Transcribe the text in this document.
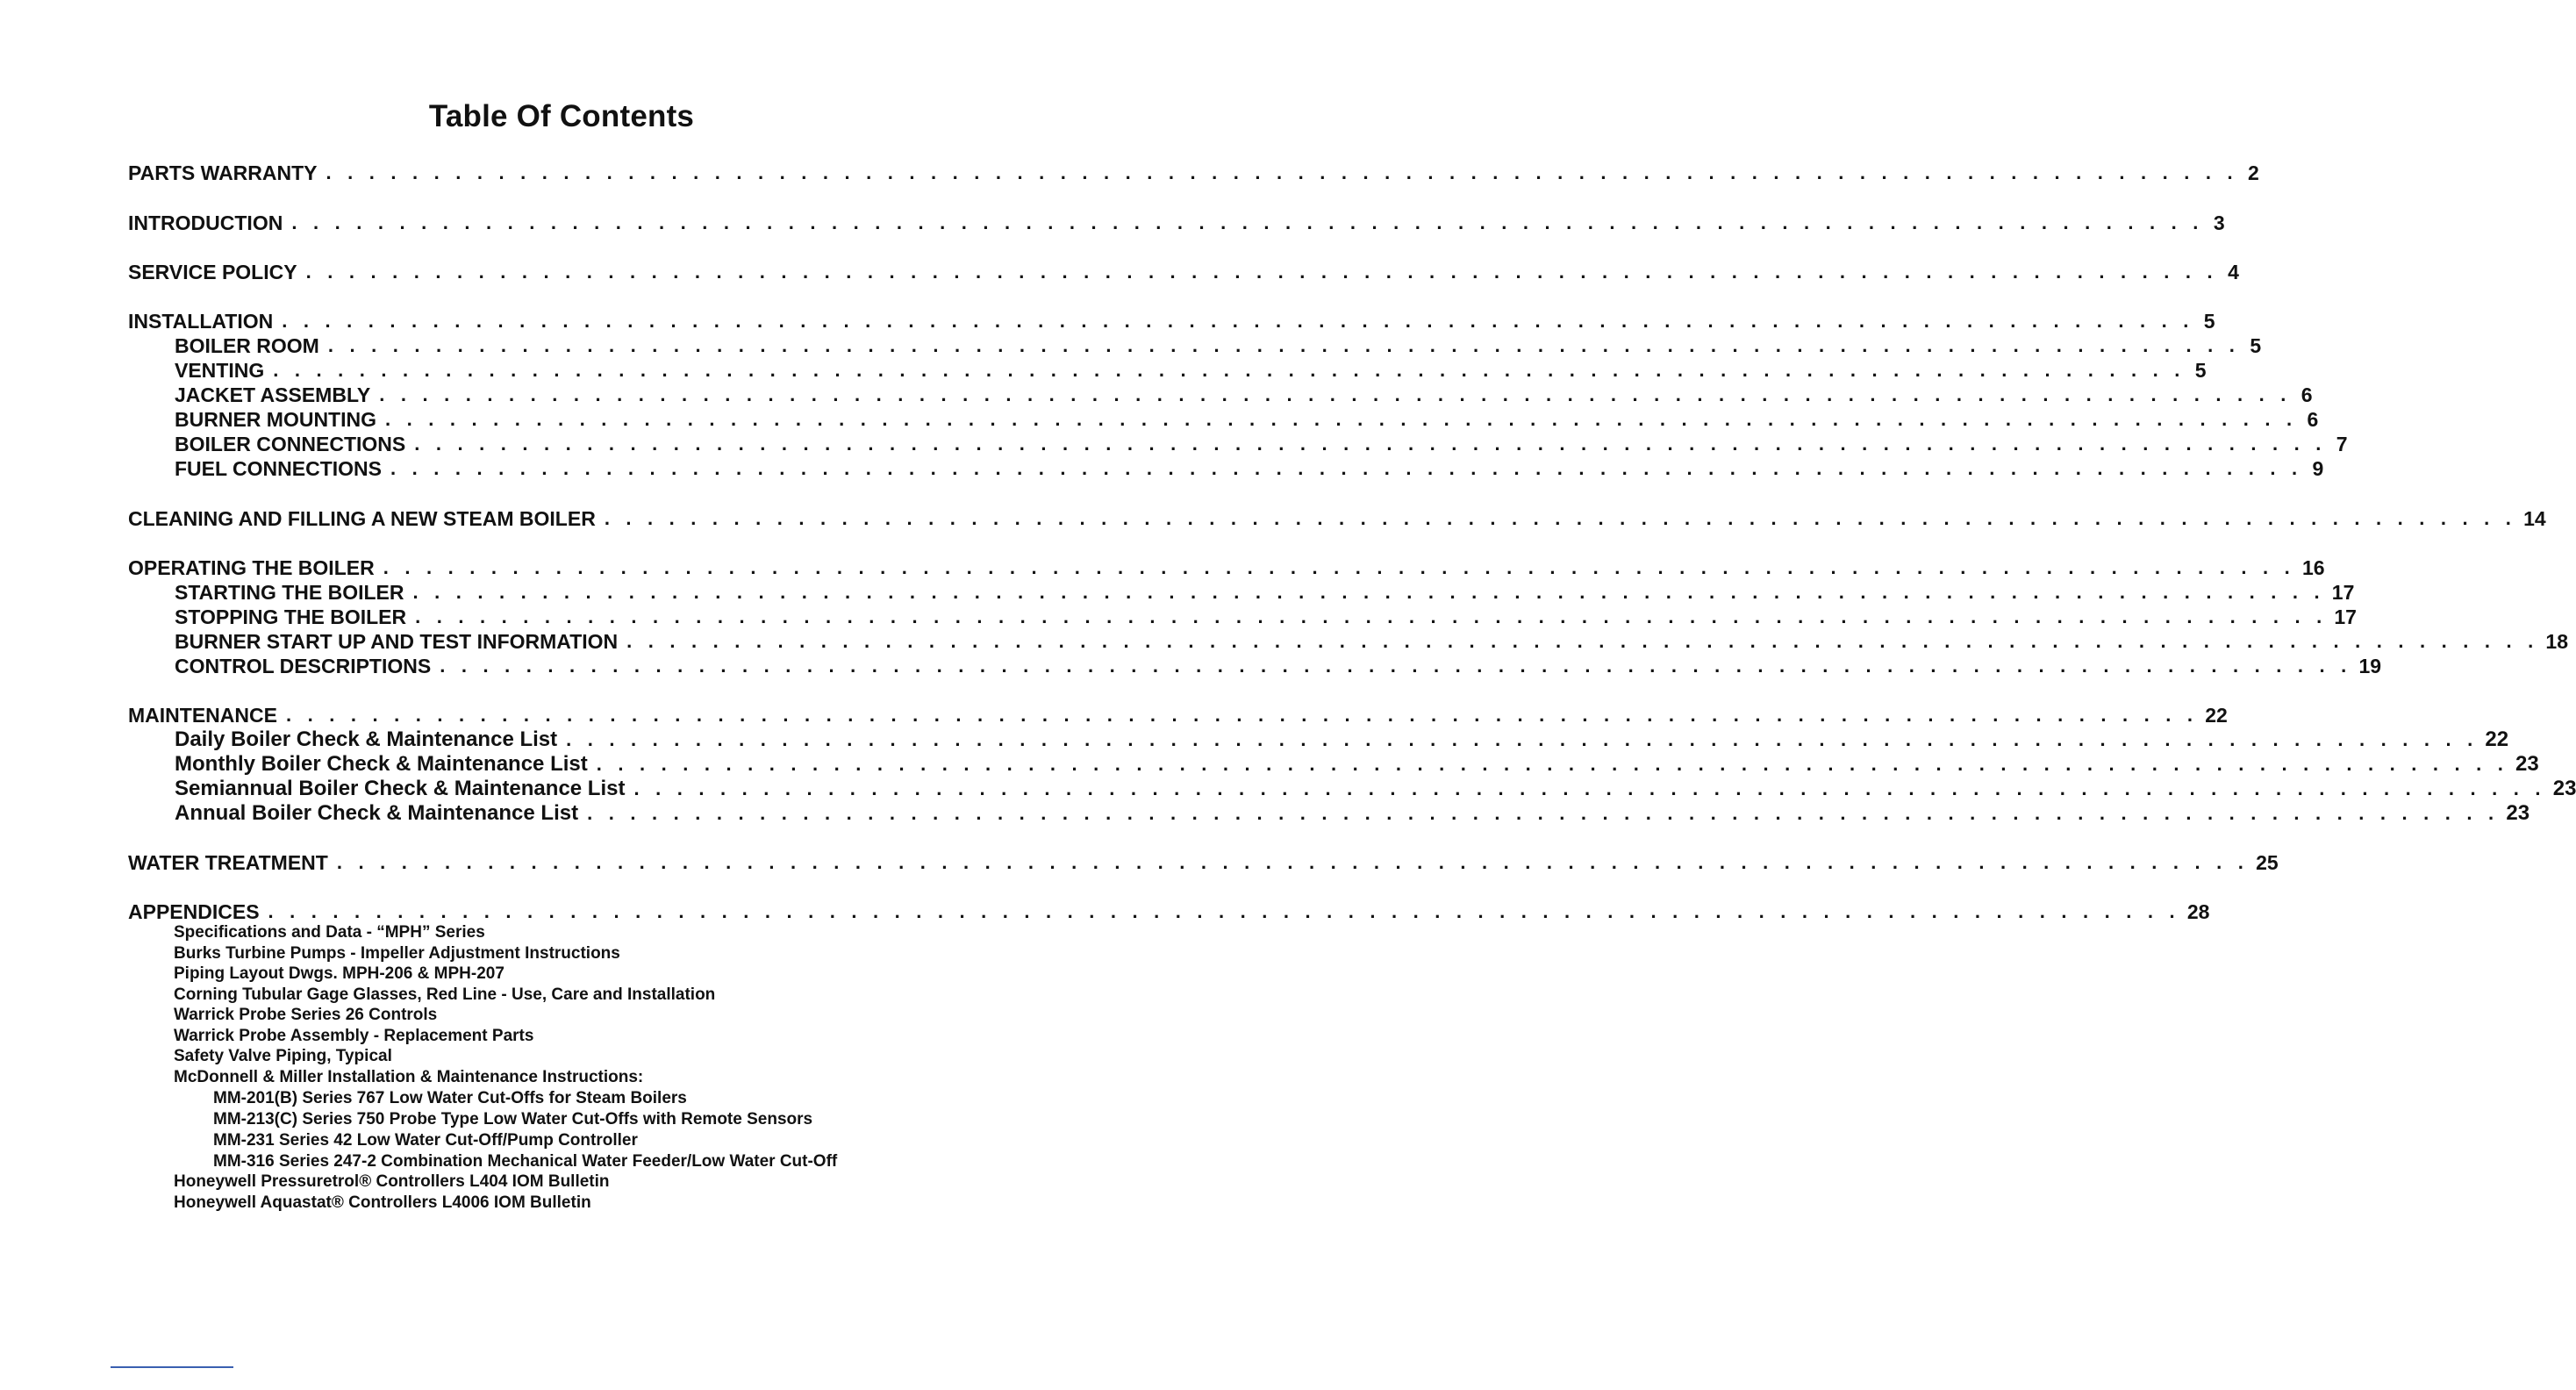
Table Of Contents
PARTS WARRANTY . . . . . . . . . . . . . . . . . . . . . . . . . . . . . . . . . . . . . . . . . . . . . . . . . . . . . . . . . . . . . . . . . . . . . . . . . . . . . . . . . . . . . . . . . 2
INTRODUCTION . . . . . . . . . . . . . . . . . . . . . . . . . . . . . . . . . . . . . . . . . . . . . . . . . . . . . . . . . . . . . . . . . . . . . . . . . . . . . . . . . . . . . . . . . 3
SERVICE POLICY . . . . . . . . . . . . . . . . . . . . . . . . . . . . . . . . . . . . . . . . . . . . . . . . . . . . . . . . . . . . . . . . . . . . . . . . . . . . . . . . . . . . . . . . . 4
INSTALLATION . . . . . . . . . . . . . . . . . . . . . . . . . . . . . . . . . . . . . . . . . . . . . . . . . . . . . . . . . . . . . . . . . . . . . . . . . . . . . . . . . . . . . . . . . 5
BOILER ROOM . . . . . . . . . . . . . . . . . . . . . . . . . . . . . . . . . . . . . . . . . . . . . . . . . . . . . . . . . . . . . . . . . . . . . . . . . . . . . . . . . . . . . . . . . 5
VENTING . . . . . . . . . . . . . . . . . . . . . . . . . . . . . . . . . . . . . . . . . . . . . . . . . . . . . . . . . . . . . . . . . . . . . . . . . . . . . . . . . . . . . . . . . 5
JACKET ASSEMBLY . . . . . . . . . . . . . . . . . . . . . . . . . . . . . . . . . . . . . . . . . . . . . . . . . . . . . . . . . . . . . . . . . . . . . . . . . . . . . . . . . . . . . . . . . 6
BURNER MOUNTING . . . . . . . . . . . . . . . . . . . . . . . . . . . . . . . . . . . . . . . . . . . . . . . . . . . . . . . . . . . . . . . . . . . . . . . . . . . . . . . . . . . . . . . . . 6
BOILER CONNECTIONS . . . . . . . . . . . . . . . . . . . . . . . . . . . . . . . . . . . . . . . . . . . . . . . . . . . . . . . . . . . . . . . . . . . . . . . . . . . . . . . . . . . . . . . . . 7
FUEL CONNECTIONS . . . . . . . . . . . . . . . . . . . . . . . . . . . . . . . . . . . . . . . . . . . . . . . . . . . . . . . . . . . . . . . . . . . . . . . . . . . . . . . . . . . . . . . . . 9
CLEANING AND FILLING A NEW STEAM BOILER . . . . . . . . . . . . . . . . . . . . . . . . . . . . . . . . . . . . . . . . . . . . . . . . . . . . . . . . . . . . . . . . . . . . . . . . . . . . . . . . . . . . . . . . . 14
OPERATING THE BOILER . . . . . . . . . . . . . . . . . . . . . . . . . . . . . . . . . . . . . . . . . . . . . . . . . . . . . . . . . . . . . . . . . . . . . . . . . . . . . . . . . . . . . . . . . 16
STARTING THE BOILER . . . . . . . . . . . . . . . . . . . . . . . . . . . . . . . . . . . . . . . . . . . . . . . . . . . . . . . . . . . . . . . . . . . . . . . . . . . . . . . . . . . . . . . . . 17
STOPPING THE BOILER . . . . . . . . . . . . . . . . . . . . . . . . . . . . . . . . . . . . . . . . . . . . . . . . . . . . . . . . . . . . . . . . . . . . . . . . . . . . . . . . . . . . . . . . . 17
BURNER START UP AND TEST INFORMATION . . . . . . . . . . . . . . . . . . . . . . . . . . . . . . . . . . . . . . . . . . . . . . . . . . . . . . . . . . . . . . . . . . . . . . . . . . . . . . . . . . . . . . . . . 18
CONTROL DESCRIPTIONS . . . . . . . . . . . . . . . . . . . . . . . . . . . . . . . . . . . . . . . . . . . . . . . . . . . . . . . . . . . . . . . . . . . . . . . . . . . . . . . . . . . . . . . . . 19
MAINTENANCE . . . . . . . . . . . . . . . . . . . . . . . . . . . . . . . . . . . . . . . . . . . . . . . . . . . . . . . . . . . . . . . . . . . . . . . . . . . . . . . . . . . . . . . . . 22
Daily Boiler Check & Maintenance List . . . . . . . . . . . . . . . . . . . . . . . . . . . . . . . . . . . . . . . . . . . . . . . . . . . . . . . . . . . . . . . . . . . . . . . . . . . . . . . . . . . . . . . . . 22
Monthly Boiler Check & Maintenance List . . . . . . . . . . . . . . . . . . . . . . . . . . . . . . . . . . . . . . . . . . . . . . . . . . . . . . . . . . . . . . . . . . . . . . . . . . . . . . . . . . . . . . . . . 23
Semiannual Boiler Check & Maintenance List . . . . . . . . . . . . . . . . . . . . . . . . . . . . . . . . . . . . . . . . . . . . . . . . . . . . . . . . . . . . . . . . . . . . . . . . . . . . . . . . . . . . . . . . . 23
Annual Boiler Check & Maintenance List . . . . . . . . . . . . . . . . . . . . . . . . . . . . . . . . . . . . . . . . . . . . . . . . . . . . . . . . . . . . . . . . . . . . . . . . . . . . . . . . . . . . . . . . . 23
WATER TREATMENT . . . . . . . . . . . . . . . . . . . . . . . . . . . . . . . . . . . . . . . . . . . . . . . . . . . . . . . . . . . . . . . . . . . . . . . . . . . . . . . . . . . . . . . . . 25
APPENDICES . . . . . . . . . . . . . . . . . . . . . . . . . . . . . . . . . . . . . . . . . . . . . . . . . . . . . . . . . . . . . . . . . . . . . . . . . . . . . . . . . . . . . . . . . 28
Specifications and Data - “MPH” Series
Burks Turbine Pumps - Impeller Adjustment Instructions
Piping Layout Dwgs. MPH-206 & MPH-207
Corning Tubular Gage Glasses, Red Line - Use, Care and Installation
Warrick Probe Series 26 Controls
Warrick Probe Assembly - Replacement Parts
Safety Valve Piping, Typical
McDonnell & Miller Installation & Maintenance Instructions:
MM-201(B) Series 767 Low Water Cut-Offs for Steam Boilers
MM-213(C) Series 750 Probe Type Low Water Cut-Offs with Remote Sensors
MM-231 Series 42 Low Water Cut-Off/Pump Controller
MM-316 Series 247-2 Combination Mechanical Water Feeder/Low Water Cut-Off
Honeywell Pressuretrol® Controllers L404 IOM Bulletin
Honeywell Aquastat® Controllers L4006 IOM Bulletin
